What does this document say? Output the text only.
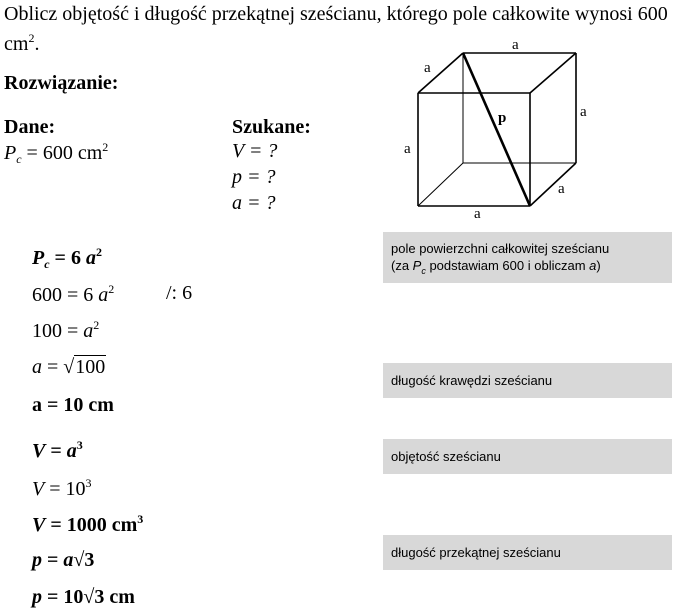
Oblicz objętość i długość przekątnej sześcianu, którego pole całkowite wynosi 600 $cm^2$.
Rozwiązanie:
Dane:
$P_c = 600$ $cm^2$
Szukane:
V = ?
p = ?
a = ?
a
a
a
a
a
a
p
$P_c = 6$ $a^2$
600 = 6 $a^2$	/: 6
$100 = a^2$
a = √100
a = 10 cm
$V = a^3$
$V = 10^3$
V = 1000 $cm^3$
p = a√3
p = 10√3 cm
pole powierzchni całkowitej sześcianu
(za $P_c$ podstawiam 600 i obliczam a)
długość krawędzi sześcianu
objętość sześcianu
długość przekątnej sześcianu
